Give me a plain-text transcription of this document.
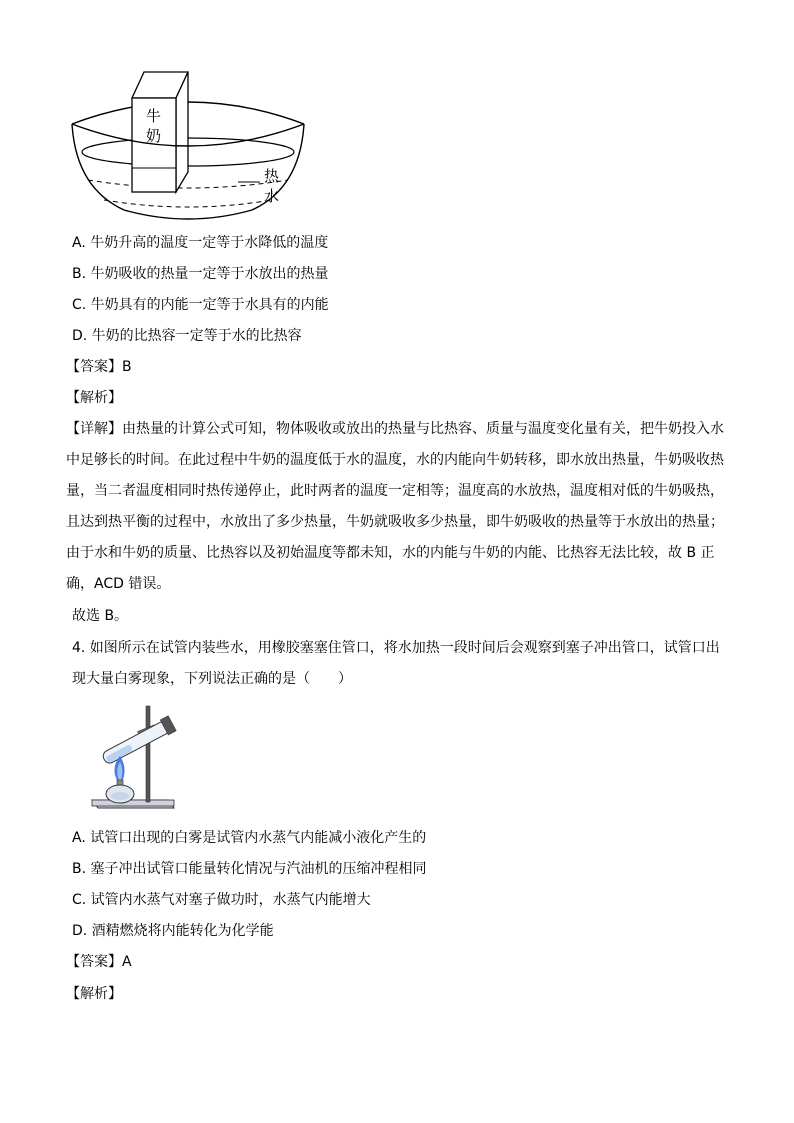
牛
奶
热
水
A. 牛奶升高的温度一定等于水降低的温度
B. 牛奶吸收的热量一定等于水放出的热量
C. 牛奶具有的内能一定等于水具有的内能
D. 牛奶的比热容一定等于水的比热容
【答案】B
【解析】
【详解】由热量的计算公式可知，物体吸收或放出的热量与比热容、质量与温度变化量有关，把牛奶投入水中足够长的时间。在此过程中牛奶的温度低于水的温度，水的内能向牛奶转移，即水放出热量，牛奶吸收热量，当二者温度相同时热传递停止，此时两者的温度一定相等；温度高的水放热，温度相对低的牛奶吸热，且达到热平衡的过程中，水放出了多少热量，牛奶就吸收多少热量，即牛奶吸收的热量等于水放出的热量；由于水和牛奶的质量、比热容以及初始温度等都未知，水的内能与牛奶的内能、比热容无法比较，故 B 正确，ACD 错误。
故选 B。
4. 如图所示在试管内装些水，用橡胶塞塞住管口，将水加热一段时间后会观察到塞子冲出管口，试管口出现大量白雾现象，下列说法正确的是（　　）
A. 试管口出现的白雾是试管内水蒸气内能减小液化产生的
B. 塞子冲出试管口能量转化情况与汽油机的压缩冲程相同
C. 试管内水蒸气对塞子做功时，水蒸气内能增大
D. 酒精燃烧将内能转化为化学能
【答案】A
【解析】
